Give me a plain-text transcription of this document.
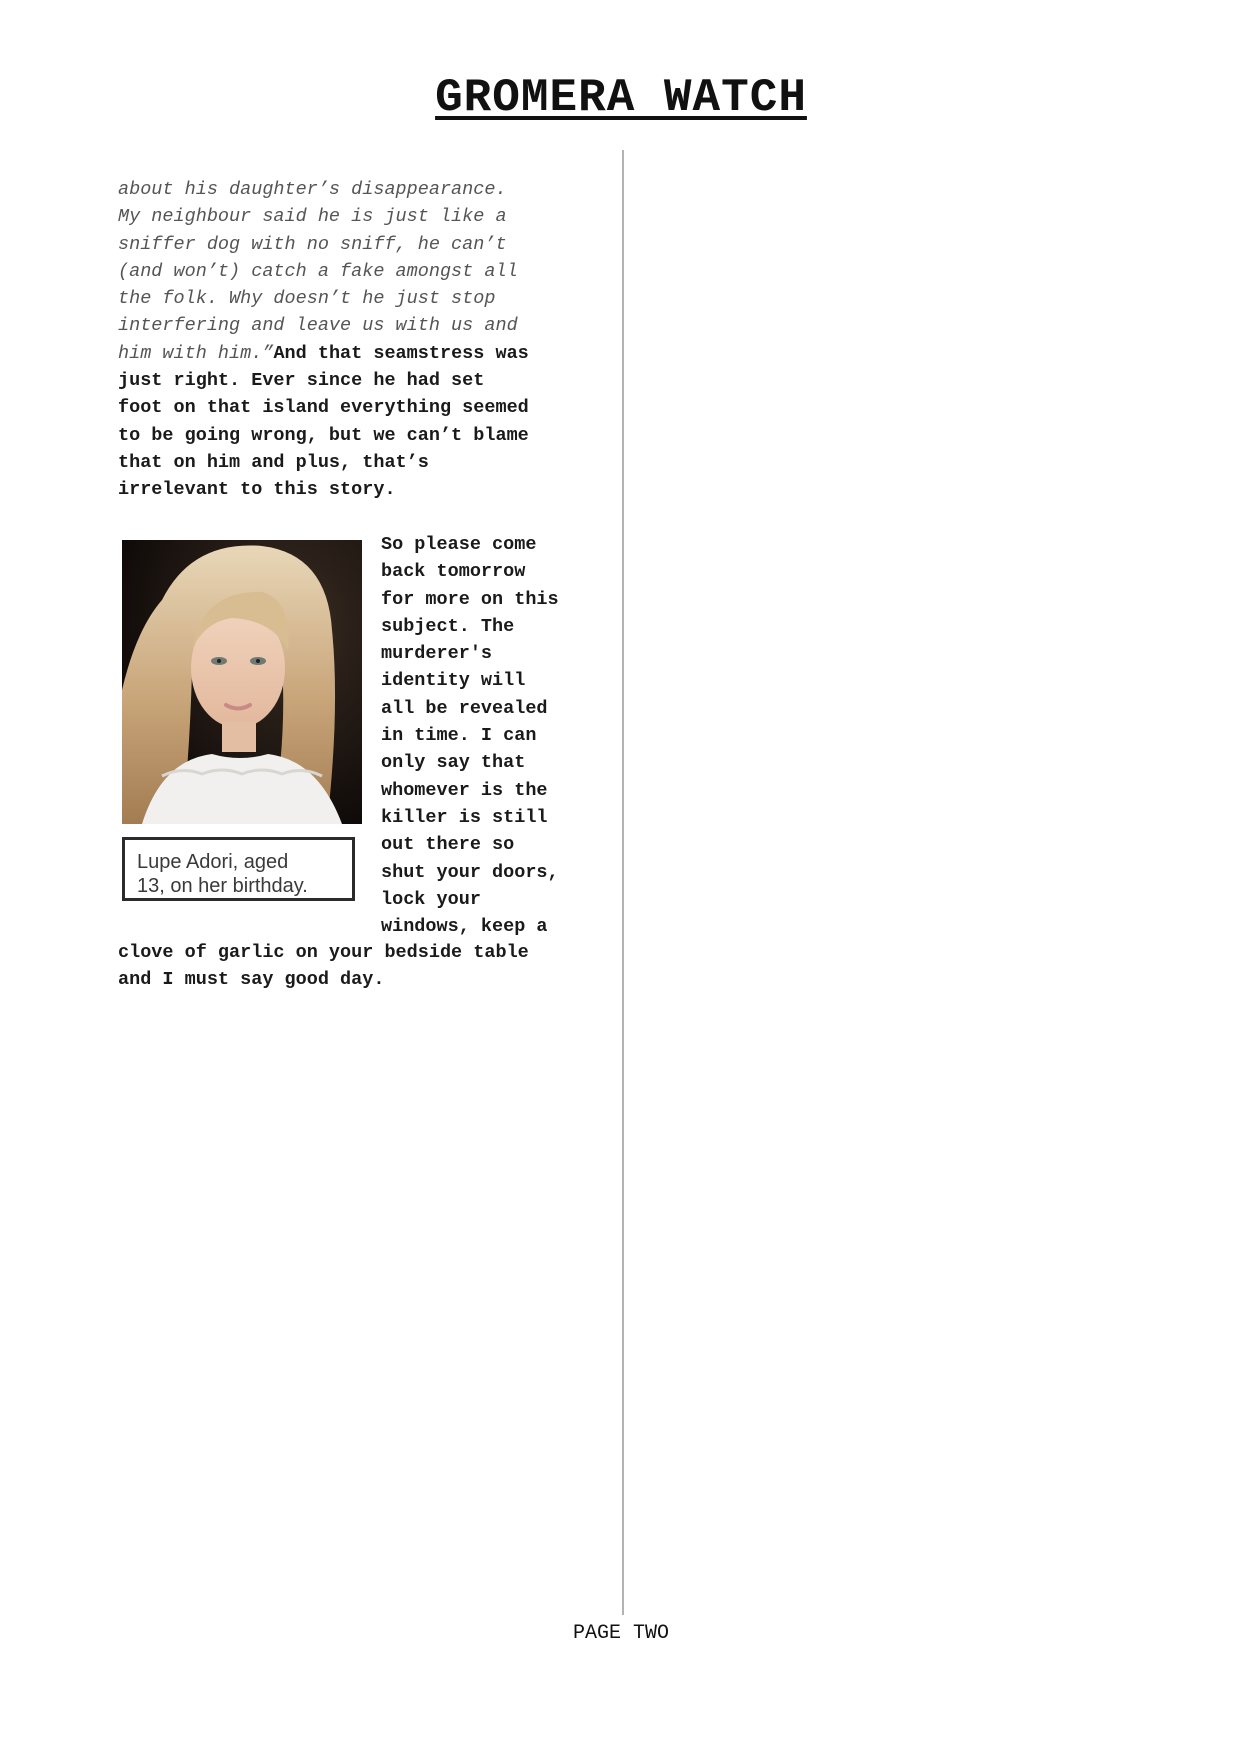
GROMERA WATCH

about his daughter’s disappearance.
My neighbour said he is just like a
sniffer dog with no sniff, he can’t
(and won’t) catch a fake amongst all
the folk. Why doesn’t he just stop
interfering and leave us with us and
him with him.”And that seamstress was
just right. Ever since he had set
foot on that island everything seemed
to be going wrong, but we can’t blame
that on him and plus, that’s
irrelevant to this story.

Lupe Adori, aged
13, on her birthday.

So please come
back tomorrow
for more on this
subject. The
murderer's
identity will
all be revealed
in time. I can
only say that
whomever is the
killer is still
out there so
shut your doors,
lock your
windows, keep a

clove of garlic on your bedside table
and I must say good day.

PAGE TWO
